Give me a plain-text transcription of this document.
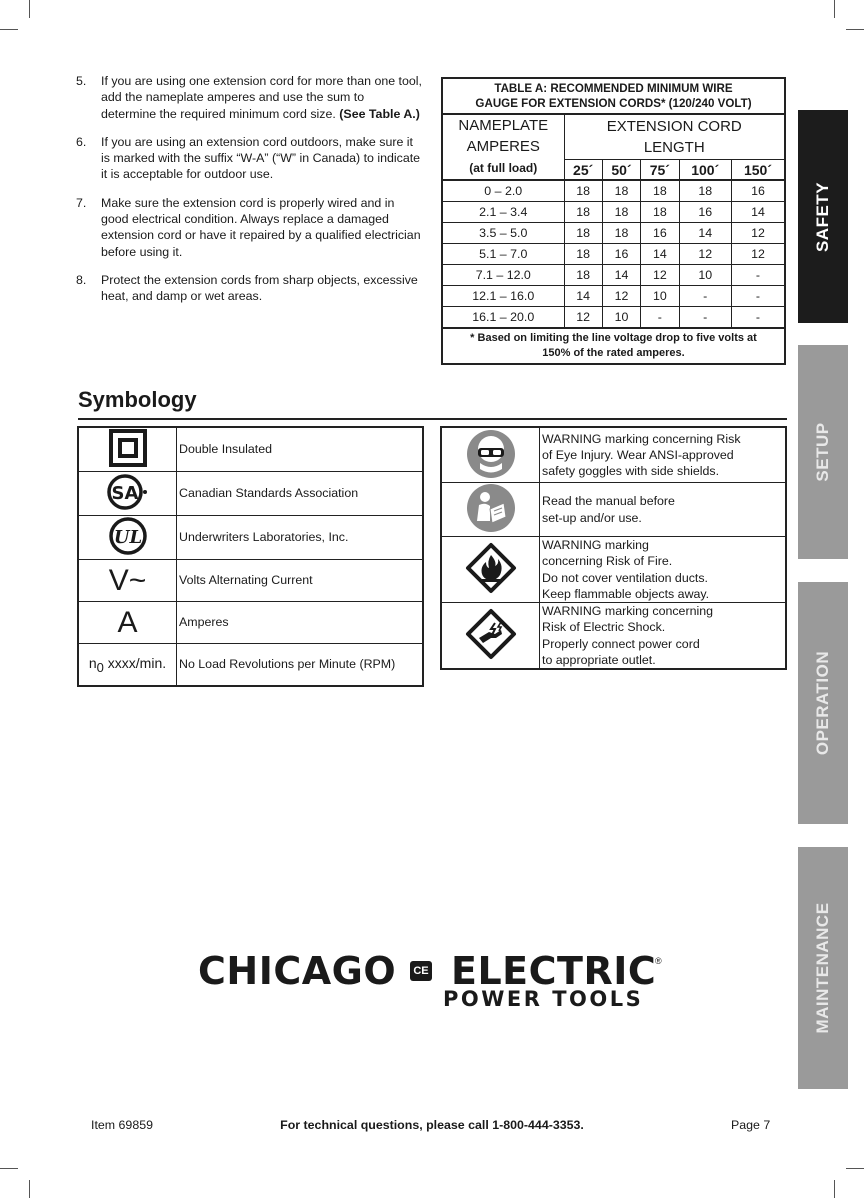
5. If you are using one extension cord for more than one tool, add the nameplate amperes and use the sum to determine the required minimum cord size. (See Table A.)
6. If you are using an extension cord outdoors, make sure it is marked with the suffix “W-A” (“W” in Canada) to indicate it is acceptable for outdoor use.
7. Make sure the extension cord is properly wired and in good electrical condition. Always replace a damaged extension cord or have it repaired by a qualified electrician before using it.
8. Protect the extension cords from sharp objects, excessive heat, and damp or wet areas.
TABLE A: RECOMMENDED MINIMUM WIRE
GAUGE FOR EXTENSION CORDS* (120/240 VOLT)					
NAMEPLATE
AMPERES
(at full load)	EXTENSION CORD
LENGTH				
	25´	50´	75´	100´	150´
0 – 2.0	18	18	18	18	16
2.1 – 3.4	18	18	18	16	14
3.5 – 5.0	18	18	16	14	12
5.1 – 7.0	18	16	14	12	12
7.1 – 12.0	18	14	12	10	-
12.1 – 16.0	14	12	10	-	-
16.1 – 20.0	12	10	-	-	-
* Based on limiting the line voltage drop to five volts at
150% of the rated amperes.					
Symbology
	Double Insulated

SA	Canadian Standards Association

UL	Underwriters Laboratories, Inc.
V~	Volts Alternating Current
A	Amperes
$n_0$ xxxx/min.	No Load Revolutions per Minute (RPM)
	WARNING marking concerning Risk
of Eye Injury. Wear ANSI-approved
safety goggles with side shields.
	Read the manual before
set-up and/or use.
	WARNING marking
concerning Risk of Fire.
Do not cover ventilation ducts.
Keep flammable objects away.
	WARNING marking concerning
Risk of Electric Shock.
Properly connect power cord
to appropriate outlet.
SAFETY
SETUP
OPERATION
MAINTENANCE
CHICAGO	CE ELECTRIC
®
POWER TOOLS
Item 69859	For technical questions, please call 1-800-444-3353.	Page 7
